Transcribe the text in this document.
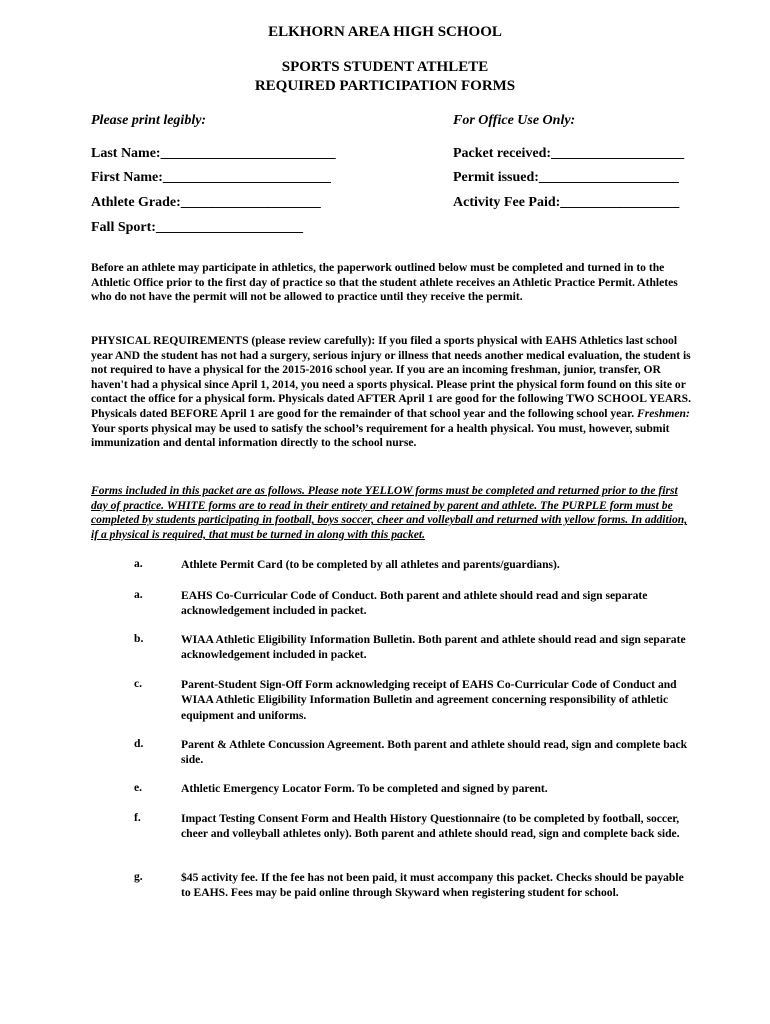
ELKHORN AREA HIGH SCHOOL
SPORTS STUDENT ATHLETE
REQUIRED PARTICIPATION FORMS
Please print legibly:	For Office Use Only:
Last Name:_________________________
First Name:________________________
Athlete Grade:____________________
Fall Sport:_____________________
Packet received:___________________
Permit issued:____________________
Activity Fee Paid:_________________
Before an athlete may participate in athletics, the paperwork outlined below must be completed and turned in to the Athletic Office prior to the first day of practice so that the student athlete receives an Athletic Practice Permit. Athletes who do not have the permit will not be allowed to practice until they receive the permit.
PHYSICAL REQUIREMENTS (please review carefully): If you filed a sports physical with EAHS Athletics last school year AND the student has not had a surgery, serious injury or illness that needs another medical evaluation, the student is not required to have a physical for the 2015-2016 school year. If you are an incoming freshman, junior, transfer, OR haven't had a physical since April 1, 2014, you need a sports physical. Please print the physical form found on this site or contact the office for a physical form. Physicals dated AFTER April 1 are good for the following TWO SCHOOL YEARS. Physicals dated BEFORE April 1 are good for the remainder of that school year and the following school year. Freshmen: Your sports physical may be used to satisfy the school’s requirement for a health physical. You must, however, submit immunization and dental information directly to the school nurse.
Forms included in this packet are as follows. Please note YELLOW forms must be completed and returned prior to the first day of practice. WHITE forms are to read in their entirety and retained by parent and athlete. The PURPLE form must be completed by students participating in football, boys soccer, cheer and volleyball and returned with yellow forms. In addition, if a physical is required, that must be turned in along with this packet.
a.	Athlete Permit Card (to be completed by all athletes and parents/guardians).
a.	EAHS Co-Curricular Code of Conduct. Both parent and athlete should read and sign separate acknowledgement included in packet.
b.	WIAA Athletic Eligibility Information Bulletin. Both parent and athlete should read and sign separate acknowledgement included in packet.
c.	Parent-Student Sign-Off Form acknowledging receipt of EAHS Co-Curricular Code of Conduct and WIAA Athletic Eligibility Information Bulletin and agreement concerning responsibility of athletic equipment and uniforms.
d.	Parent & Athlete Concussion Agreement. Both parent and athlete should read, sign and complete back side.
e.	Athletic Emergency Locator Form. To be completed and signed by parent.
f.	Impact Testing Consent Form and Health History Questionnaire (to be completed by football, soccer, cheer and volleyball athletes only). Both parent and athlete should read, sign and complete back side.
g.	$45 activity fee. If the fee has not been paid, it must accompany this packet. Checks should be payable to EAHS. Fees may be paid online through Skyward when registering student for school.
